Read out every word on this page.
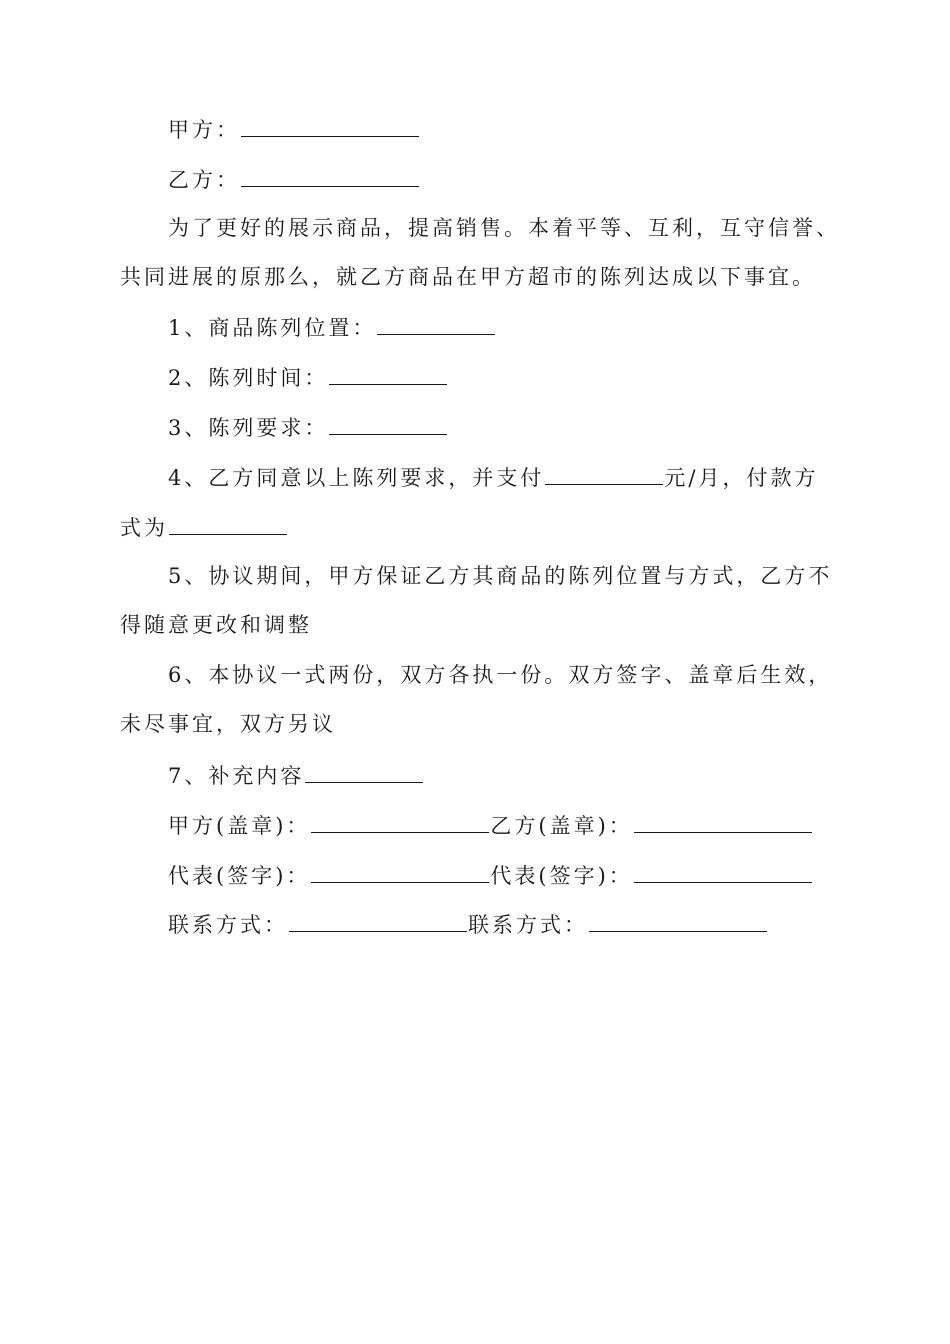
甲方：
乙方：
为了更好的展示商品，提高销售。本着平等、互利，互守信誉、
共同进展的原那么，就乙方商品在甲方超市的陈列达成以下事宜。
1、商品陈列位置：
2、陈列时间：
3、陈列要求：
4、乙方同意以上陈列要求，并支付	元/月，付款方
式为
5、协议期间，甲方保证乙方其商品的陈列位置与方式，乙方不
得随意更改和调整
6、本协议一式两份，双方各执一份。双方签字、盖章后生效，
未尽事宜，双方另议
7、补充内容
甲方(盖章)：	乙方(盖章)：
代表(签字)：	代表(签字)：
联系方式：	联系方式：
